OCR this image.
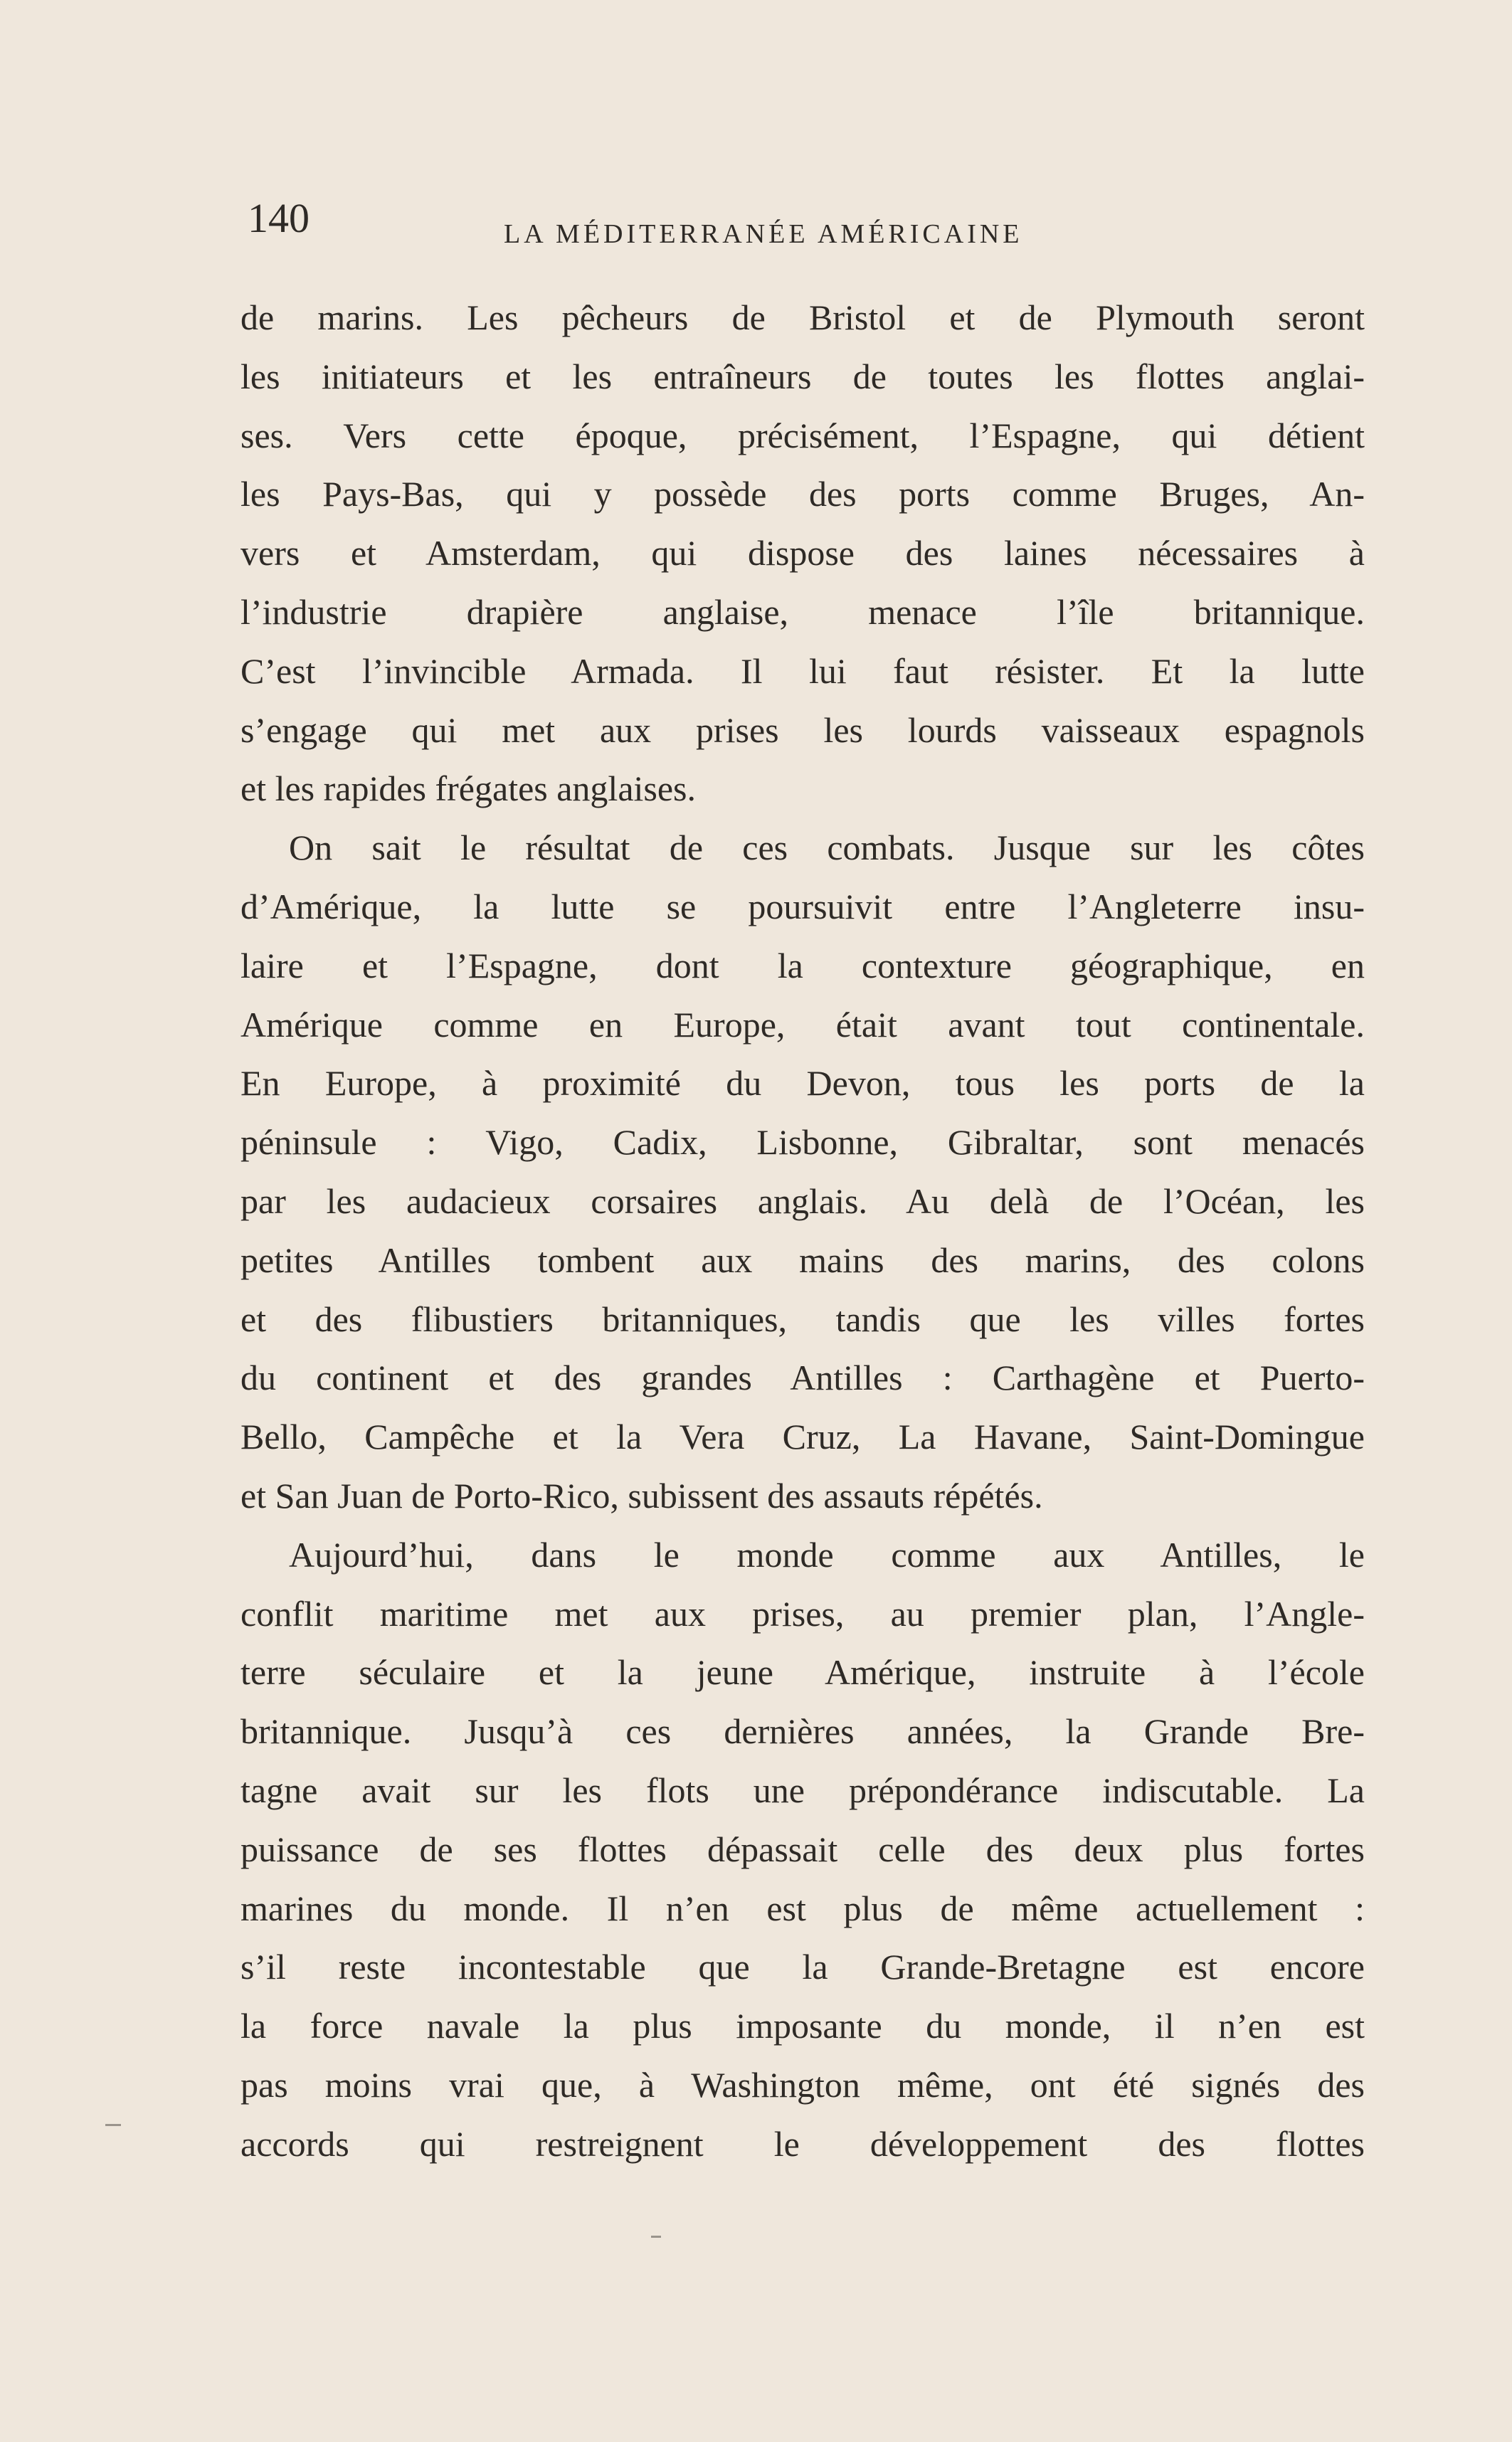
140	LA MÉDITERRANÉE AMÉRICAINE
de marins. Les pêcheurs de Bristol et de Plymouth seront
les initiateurs et les entraîneurs de toutes les flottes anglai-
ses. Vers cette époque, précisément, l’Espagne, qui détient
les Pays-Bas, qui y possède des ports comme Bruges, An-
vers et Amsterdam, qui dispose des laines nécessaires à
l’industrie drapière anglaise, menace l’île britannique.
C’est l’invincible Armada. Il lui faut résister. Et la lutte
s’engage qui met aux prises les lourds vaisseaux espagnols
et les rapides frégates anglaises.
On sait le résultat de ces combats. Jusque sur les côtes
d’Amérique, la lutte se poursuivit entre l’Angleterre insu-
laire et l’Espagne, dont la contexture géographique, en
Amérique comme en Europe, était avant tout continentale.
En Europe, à proximité du Devon, tous les ports de la
péninsule : Vigo, Cadix, Lisbonne, Gibraltar, sont menacés
par les audacieux corsaires anglais. Au delà de l’Océan, les
petites Antilles tombent aux mains des marins, des colons
et des flibustiers britanniques, tandis que les villes fortes
du continent et des grandes Antilles : Carthagène et Puerto-
Bello, Campêche et la Vera Cruz, La Havane, Saint-Domingue
et San Juan de Porto-Rico, subissent des assauts répétés.
Aujourd’hui, dans le monde comme aux Antilles, le
conflit maritime met aux prises, au premier plan, l’Angle-
terre séculaire et la jeune Amérique, instruite à l’école
britannique. Jusqu’à ces dernières années, la Grande Bre-
tagne avait sur les flots une prépondérance indiscutable. La
puissance de ses flottes dépassait celle des deux plus fortes
marines du monde. Il n’en est plus de même actuellement :
s’il reste incontestable que la Grande-Bretagne est encore
la force navale la plus imposante du monde, il n’en est
pas moins vrai que, à Washington même, ont été signés des
accords qui restreignent le développement des flottes
